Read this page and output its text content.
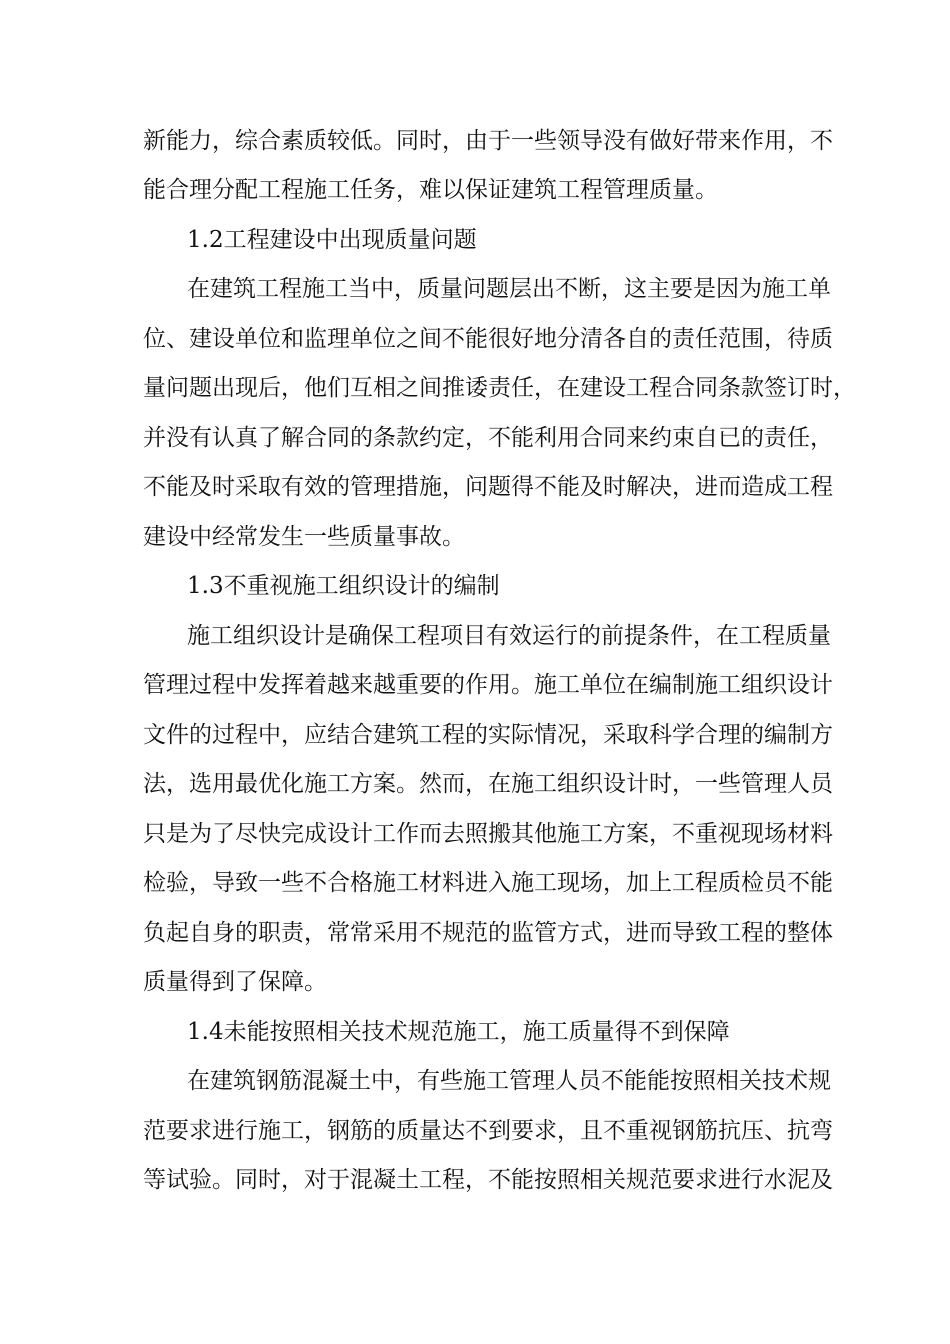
新能力，综合素质较低。同时，由于一些领导没有做好带来作用，不
能合理分配工程施工任务，难以保证建筑工程管理质量。
1.2工程建设中出现质量问题
在建筑工程施工当中，质量问题层出不断，这主要是因为施工单
位、建设单位和监理单位之间不能很好地分清各自的责任范围，待质
量问题出现后，他们互相之间推诿责任，在建设工程合同条款签订时，
并没有认真了解合同的条款约定，不能利用合同来约束自已的责任，
不能及时采取有效的管理措施，问题得不能及时解决，进而造成工程
建设中经常发生一些质量事故。
1.3不重视施工组织设计的编制
施工组织设计是确保工程项目有效运行的前提条件，在工程质量
管理过程中发挥着越来越重要的作用。施工单位在编制施工组织设计
文件的过程中，应结合建筑工程的实际情况，采取科学合理的编制方
法，选用最优化施工方案。然而，在施工组织设计时，一些管理人员
只是为了尽快完成设计工作而去照搬其他施工方案，不重视现场材料
检验，导致一些不合格施工材料进入施工现场，加上工程质检员不能
负起自身的职责，常常采用不规范的监管方式，进而导致工程的整体
质量得到了保障。
1.4未能按照相关技术规范施工，施工质量得不到保障
在建筑钢筋混凝土中，有些施工管理人员不能能按照相关技术规
范要求进行施工，钢筋的质量达不到要求，且不重视钢筋抗压、抗弯
等试验。同时，对于混凝土工程，不能按照相关规范要求进行水泥及
